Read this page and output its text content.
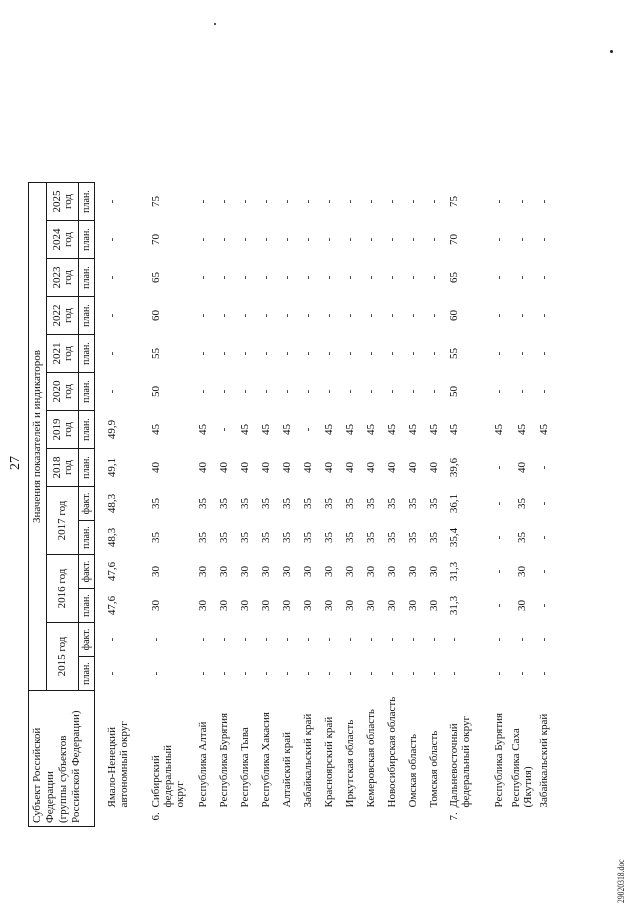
27
29020318.doc
Субъект Российской Федерации (группы субъектов Российской Федерации)		Значения показателей и индикаторов													
		2015 год		2016 год		2017 год		2018 год	2019 год	2020 год	2021 год	2022 год	2023 год	2024 год	2025 год

		план.	факт.	план.	факт.	план.	факт.	план.	план.	план.	план.	план.	план.	план.	план.

	Ямало-Ненецкий автономный округ	-	-	47,6	47,6	48,3	48,3	49,1	49,9	-	-	-	-	-	-
6.	Сибирский федеральный округ	-	-	30	30	35	35	40	45	50	55	60	65	70	75

	Республика Алтай	-	-	30	30	35	35	40	45	-	-	-	-	-	-

	Республика Бурятия	-	-	30	30	35	35	40	-	-	-	-	-	-	-

	Республика Тыва	-	-	30	30	35	35	40	45	-	-	-	-	-	-

	Республика Хакасия	-	-	30	30	35	35	40	45	-	-	-	-	-	-

	Алтайский край	-	-	30	30	35	35	40	45	-	-	-	-	-	-

	Забайкальский край	-	-	30	30	35	35	40	-	-	-	-	-	-	-

	Красноярский край	-	-	30	30	35	35	40	45	-	-	-	-	-	-

	Иркутская область	-	-	30	30	35	35	40	45	-	-	-	-	-	-

	Кемеровская область	-	-	30	30	35	35	40	45	-	-	-	-	-	-

	Новосибирская область	-	-	30	30	35	35	40	45	-	-	-	-	-	-

	Омская область	-	-	30	30	35	35	40	45	-	-	-	-	-	-

	Томская область	-	-	30	30	35	35	40	45	-	-	-	-	-	-
7.	Дальневосточный федеральный округ	-	-	31,3	31,3	35,4	36,1	39,6	45	50	55	60	65	70	75

	Республика Бурятия	-	-	-	-	-	-	-	45	-	-	-	-	-	-

	Республика Саха (Якутия)	-	-	30	30	35	35	40	45	-	-	-	-	-	-

	Забайкальский край	-	-	-	-	-	-	-	45	-	-	-	-	-	-
